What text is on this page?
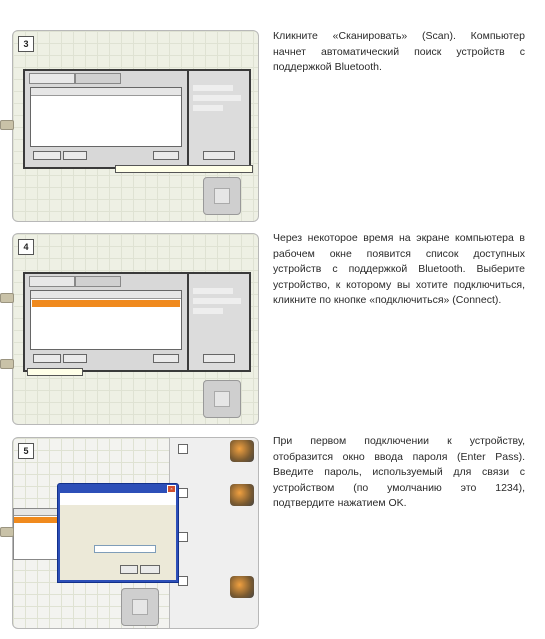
3
Кликните «Сканировать» (Scan). Компьютер начнет автоматический поиск устройств с поддержкой Bluetooth.
4
Через некоторое время на экране компьютера в рабочем окне появится список доступных устройств с поддержкой Bluetooth. Выберите устройство, к которому вы хотите подключиться, кликните по кнопке «подключиться» (Connect).
5
×
При первом подключении к устройству, отобразится окно ввода пароля (Enter Pass). Введите пароль, используемый для связи с устройством (по умолчанию это 1234), подтвердите нажатием OK.
